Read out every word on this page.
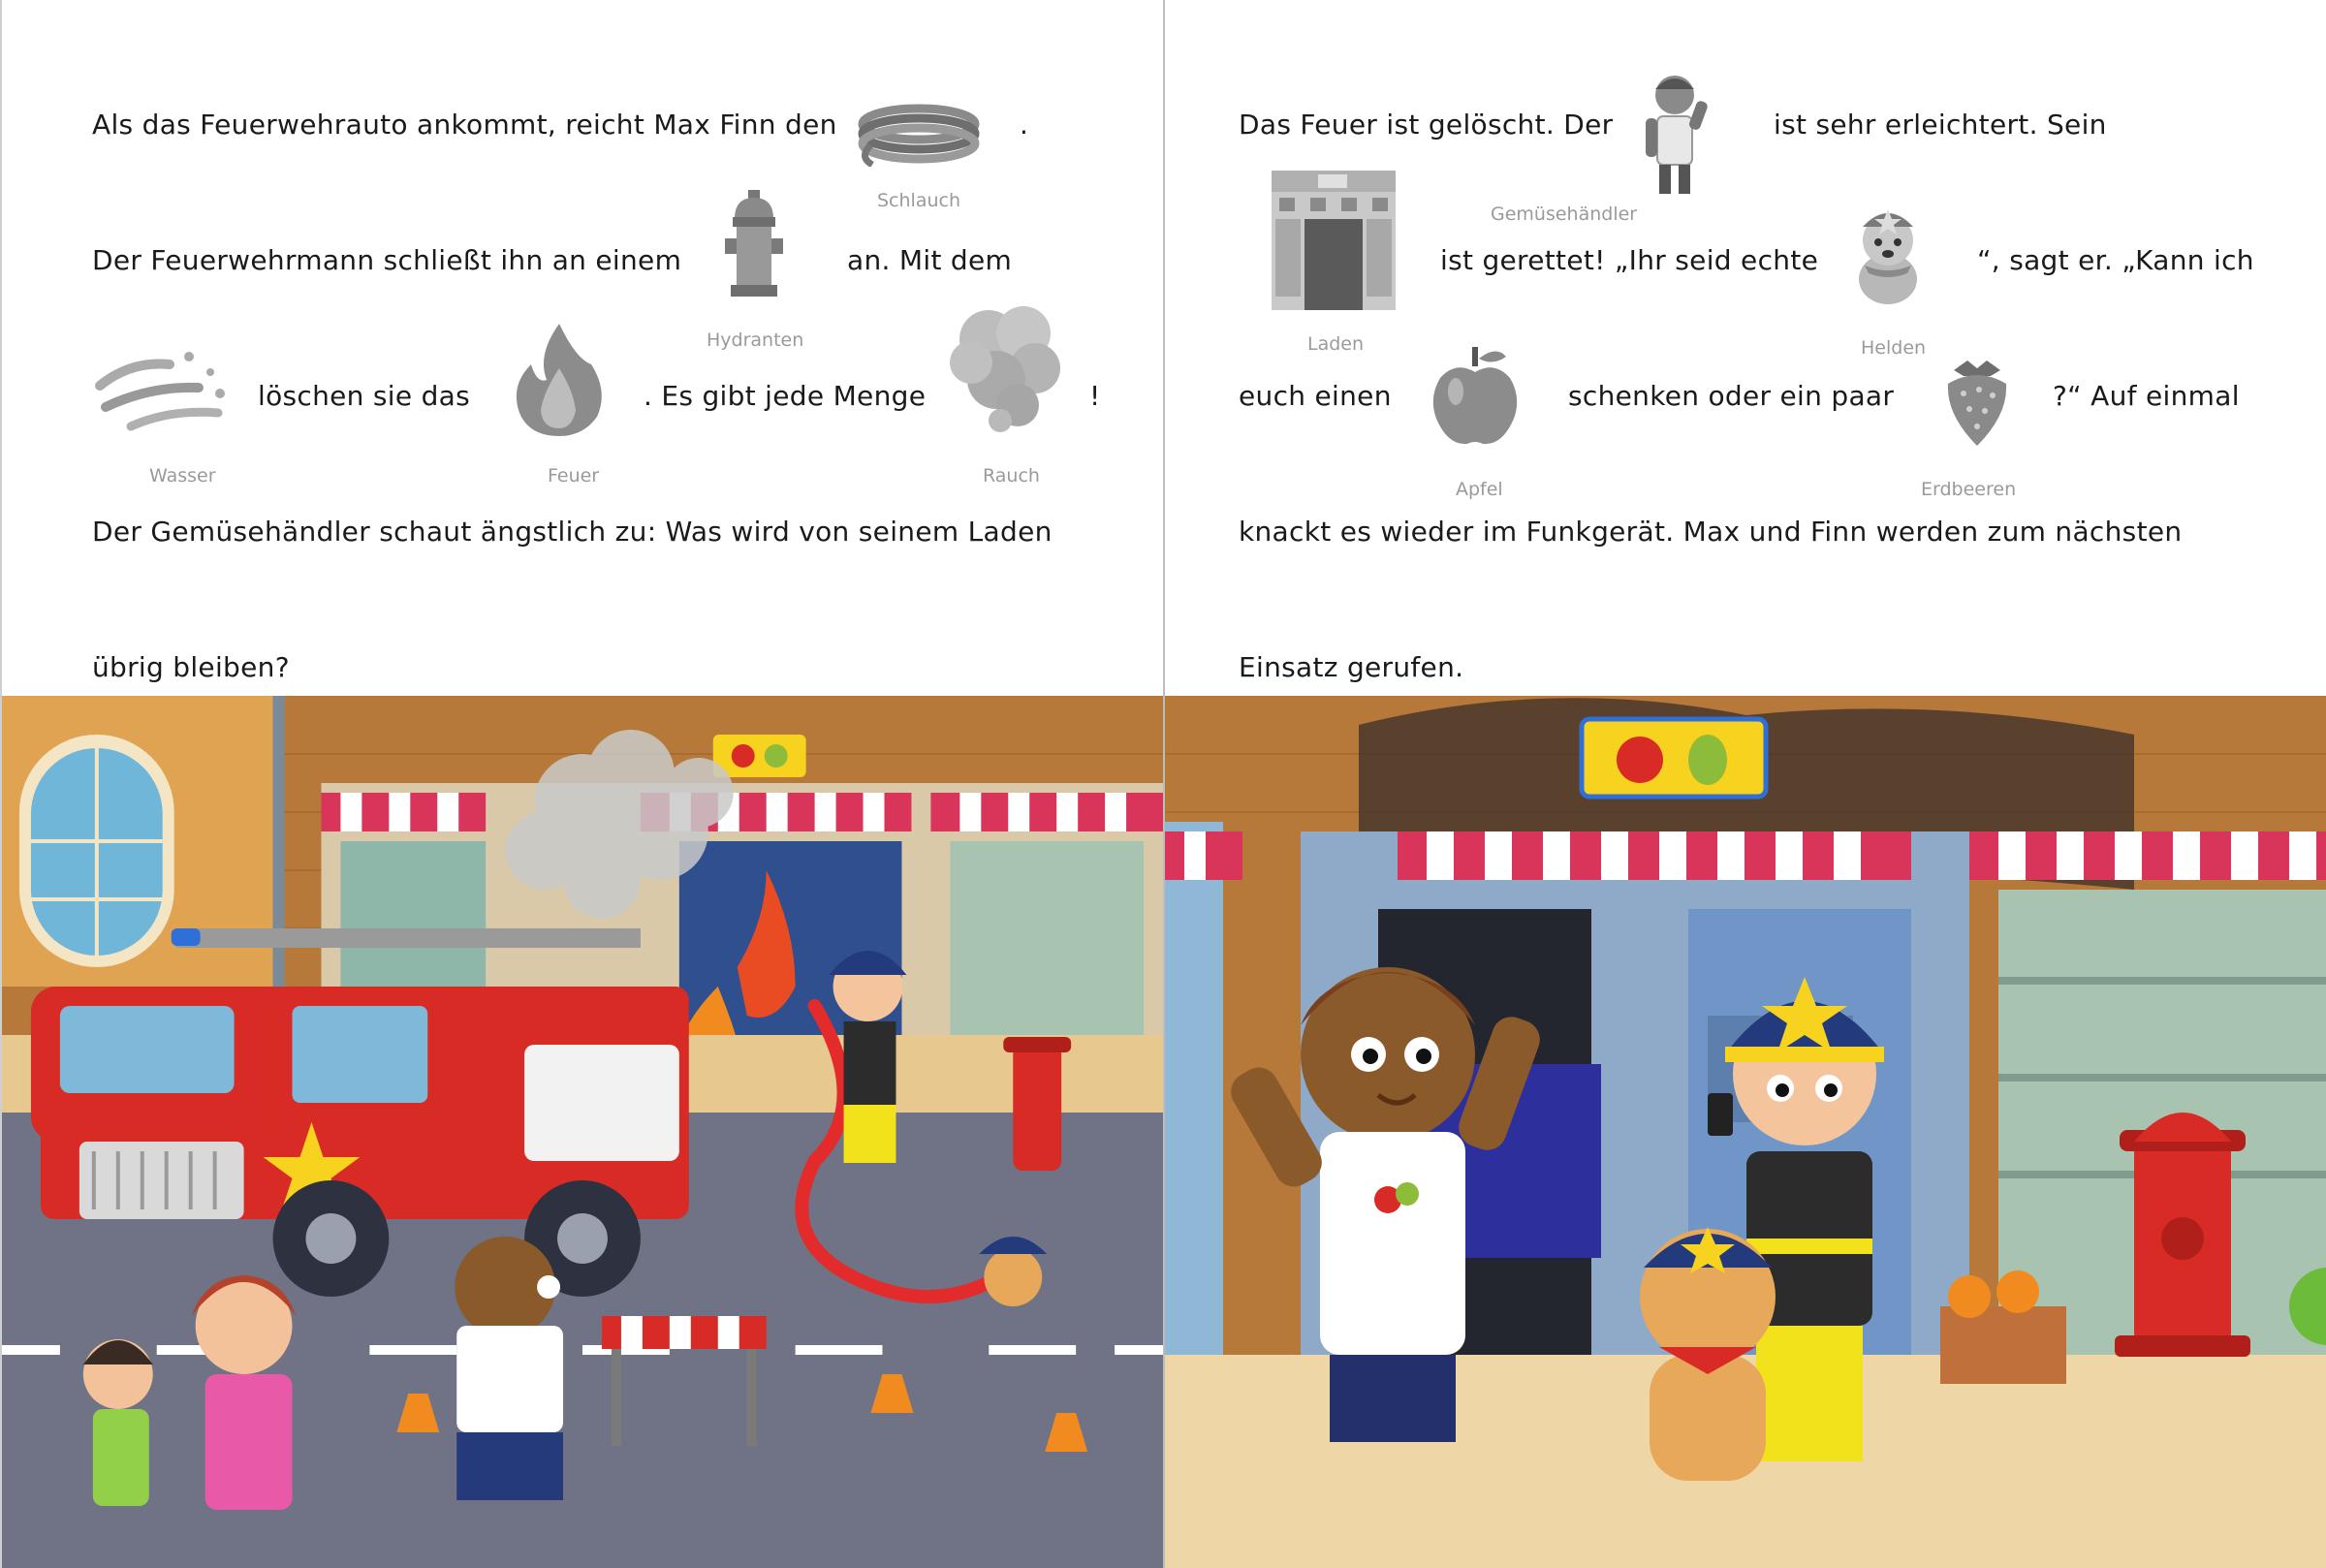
Als das Feuerwehrauto ankommt, reicht Max Finn den	.
Schlauch
Der Feuerwehrmann schließt ihn an einem	an. Mit dem
Hydranten
löschen sie das	. Es gibt jede Menge	!
Wasser	Feuer	Rauch
Der Gemüsehändler schaut ängstlich zu: Was wird von seinem Laden
übrig bleiben?
Das Feuer ist gelöscht. Der	ist sehr erleichtert. Sein
Gemüsehändler
ist gerettet! „Ihr seid echte	“, sagt er. „Kann ich
Laden	Helden
euch einen	schenken oder ein paar	?“ Auf einmal
Apfel	Erdbeeren
knackt es wieder im Funkgerät. Max und Finn werden zum nächsten
Einsatz gerufen.
